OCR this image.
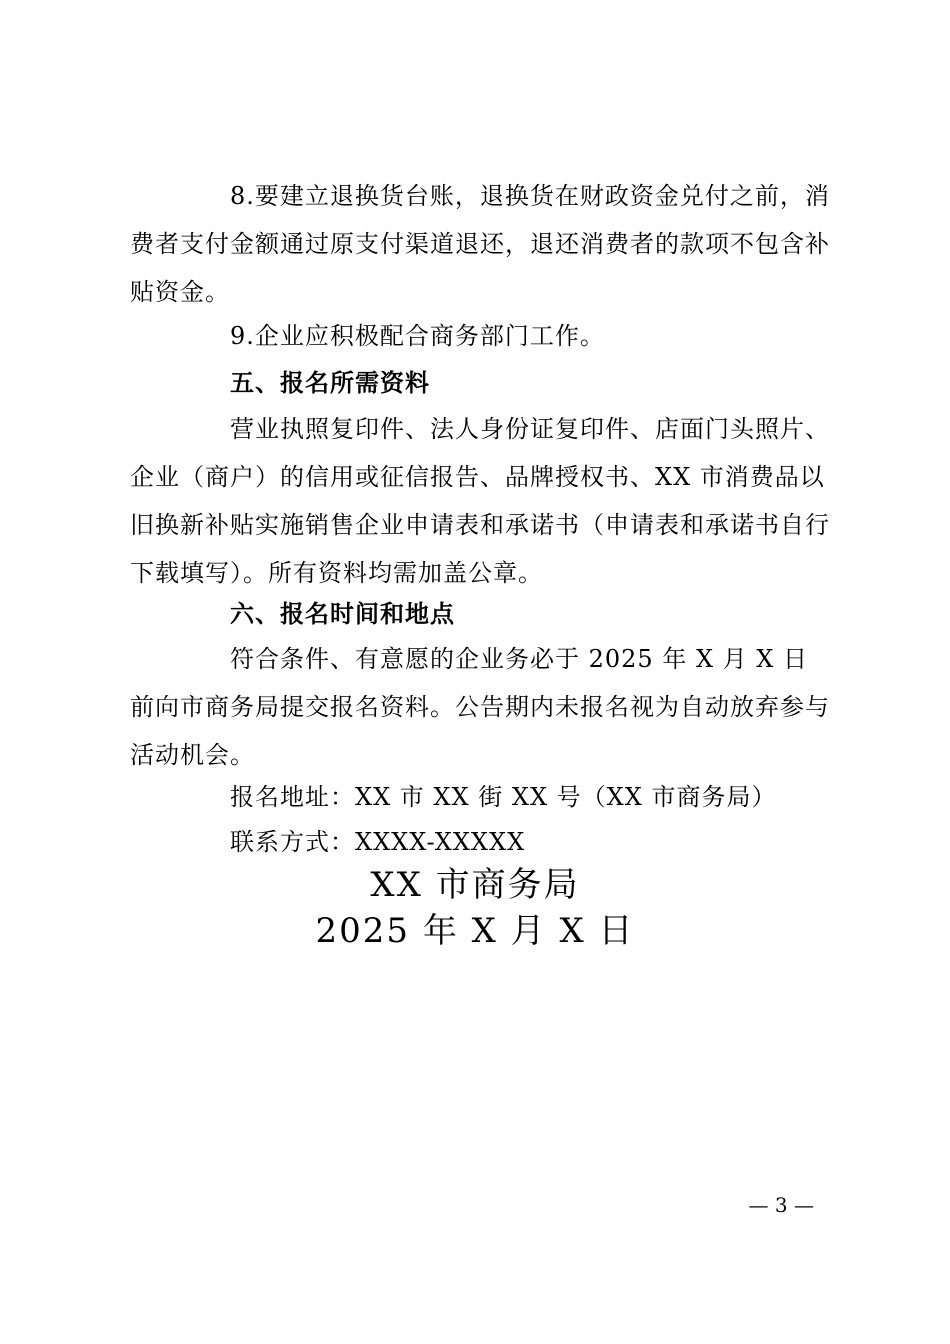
8.要建立退换货台账，退换货在财政资金兑付之前，消费者支付金额通过原支付渠道退还，退还消费者的款项不包含补贴资金。

9.企业应积极配合商务部门工作。

五、报名所需资料

营业执照复印件、法人身份证复印件、店面门头照片、企业（商户）的信用或征信报告、品牌授权书、XX 市消费品以旧换新补贴实施销售企业申请表和承诺书（申请表和承诺书自行下载填写）。所有资料均需加盖公章。

六、报名时间和地点

符合条件、有意愿的企业务必于 2025 年 X 月 X 日前向市商务局提交报名资料。公告期内未报名视为自动放弃参与活动机会。

报名地址：XX 市 XX 街 XX 号（XX 市商务局）

联系方式：XXXX-XXXXX

XX 市商务局

2025 年 X 月 X 日

— 3 —
